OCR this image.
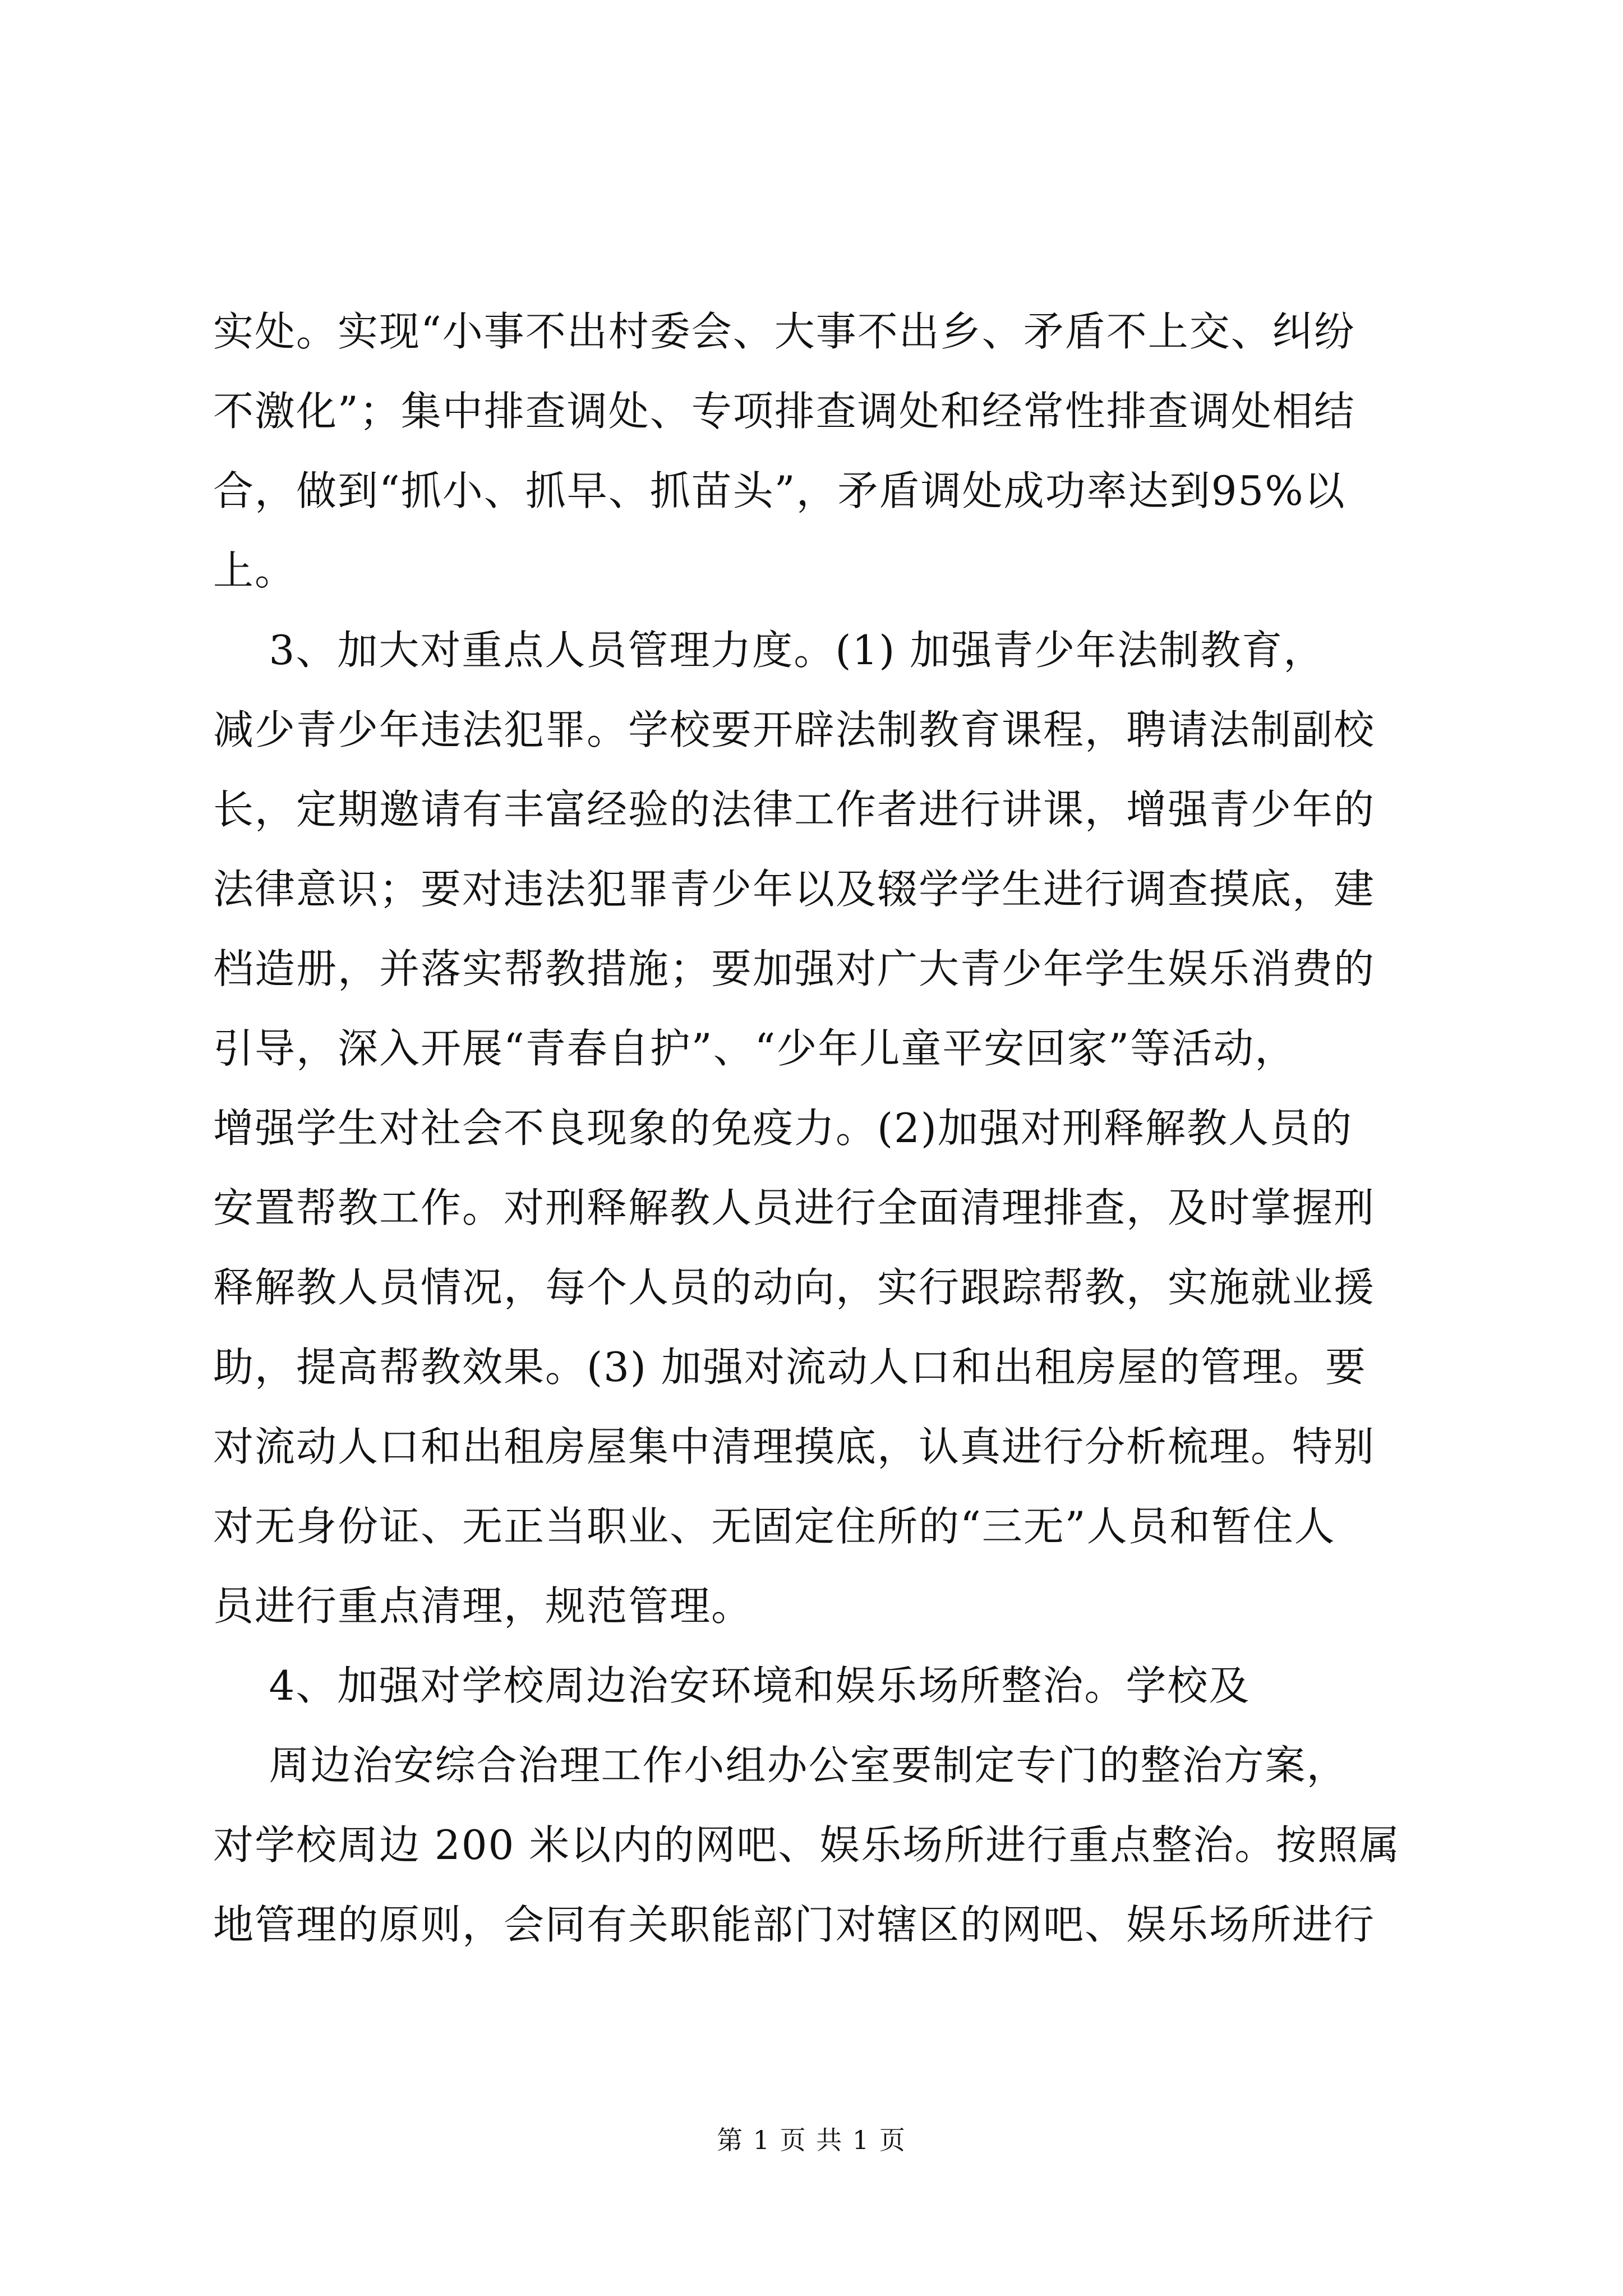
实处。实现“小事不出村委会、大事不出乡、矛盾不上交、纠纷
不激化”；集中排查调处、专项排查调处和经常性排查调处相结
合，做到“抓小、抓早、抓苗头”，矛盾调处成功率达到95%以
上。
3、加大对重点人员管理力度。(1) 加强青少年法制教育，
减少青少年违法犯罪。学校要开辟法制教育课程，聘请法制副校
长，定期邀请有丰富经验的法律工作者进行讲课，增强青少年的
法律意识；要对违法犯罪青少年以及辍学学生进行调查摸底，建
档造册，并落实帮教措施；要加强对广大青少年学生娱乐消费的
引导，深入开展“青春自护”、“少年儿童平安回家”等活动，
增强学生对社会不良现象的免疫力。(2)加强对刑释解教人员的
安置帮教工作。对刑释解教人员进行全面清理排查，及时掌握刑
释解教人员情况，每个人员的动向，实行跟踪帮教，实施就业援
助，提高帮教效果。(3) 加强对流动人口和出租房屋的管理。要
对流动人口和出租房屋集中清理摸底，认真进行分析梳理。特别
对无身份证、无正当职业、无固定住所的“三无”人员和暂住人
员进行重点清理，规范管理。
4、加强对学校周边治安环境和娱乐场所整治。学校及
周边治安综合治理工作小组办公室要制定专门的整治方案，
对学校周边 200 米以内的网吧、娱乐场所进行重点整治。按照属
地管理的原则，会同有关职能部门对辖区的网吧、娱乐场所进行
第 1 页 共 1 页
